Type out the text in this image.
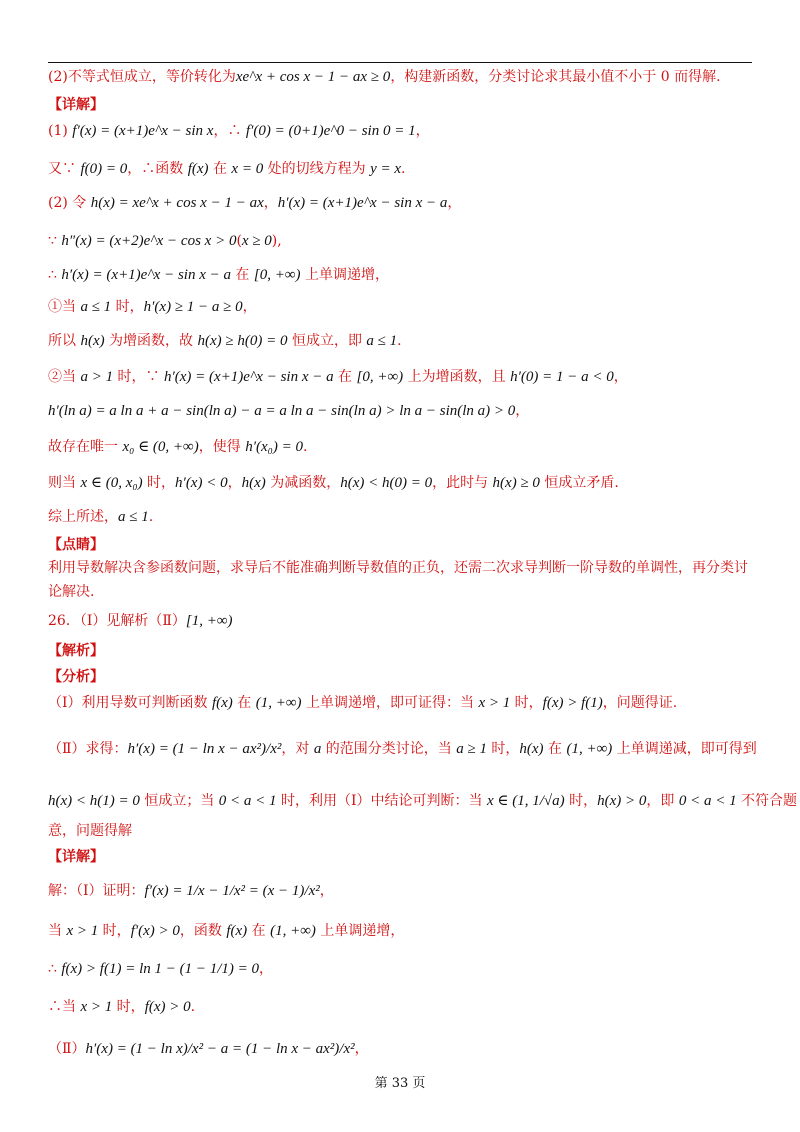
(2)不等式恒成立，等价转化为xe^x + cos x − 1 − ax ≥ 0，构建新函数，分类讨论求其最小值不小于 0 而得解.
【详解】
(1) f′(x) = (x+1)e^x − sin x，∴ f′(0) = (0+1)e^0 − sin 0 = 1，
又∵ f(0) = 0，∴函数 f(x) 在 x = 0 处的切线方程为 y = x.
(2) 令 h(x) = xe^x + cos x − 1 − ax，h′(x) = (x+1)e^x − sin x − a，
∵ h″(x) = (x+2)e^x − cos x > 0(x ≥ 0),
∴ h′(x) = (x+1)e^x − sin x − a 在 [0, +∞) 上单调递增，
①当 a ≤ 1 时，h′(x) ≥ 1 − a ≥ 0，
所以 h(x) 为增函数，故 h(x) ≥ h(0) = 0 恒成立，即 a ≤ 1.
②当 a > 1 时，∵ h′(x) = (x+1)e^x − sin x − a 在 [0, +∞) 上为增函数，且 h′(0) = 1 − a < 0，
h′(ln a) = a ln a + a − sin(ln a) − a = a ln a − sin(ln a) > ln a − sin(ln a) > 0，
故存在唯一 x₀ ∈ (0, +∞)，使得 h′(x₀) = 0.
则当 x ∈ (0, x₀) 时，h′(x) < 0，h(x) 为减函数，h(x) < h(0) = 0，此时与 h(x) ≥ 0 恒成立矛盾.
综上所述，a ≤ 1.
【点睛】
利用导数解决含参函数问题，求导后不能准确判断导数值的正负，还需二次求导判断一阶导数的单调性，再分类讨论解决.
26．（Ⅰ）见解析（Ⅱ）[1, +∞)
【解析】
【分析】
（Ⅰ）利用导数可判断函数 f(x) 在 (1, +∞) 上单调递增，即可证得：当 x > 1 时，f(x) > f(1)，问题得证.
（Ⅱ）求得：h′(x) = (1 − ln x − ax²)/x²，对 a 的范围分类讨论，当 a ≥ 1 时，h(x) 在 (1, +∞) 上单调递减，即可得到
h(x) < h(1) = 0 恒成立；当 0 < a < 1 时，利用（Ⅰ）中结论可判断：当 x ∈ (1, 1/√a) 时，h(x) > 0，即 0 < a < 1 不符合题
意，问题得解
【详解】
解：（Ⅰ）证明：f′(x) = 1/x − 1/x² = (x − 1)/x²，
当 x > 1 时，f′(x) > 0，函数 f(x) 在 (1, +∞) 上单调递增，
∴ f(x) > f(1) = ln 1 − (1 − 1/1) = 0，
∴当 x > 1 时，f(x) > 0.
（Ⅱ）h′(x) = (1 − ln x)/x² − a = (1 − ln x − ax²)/x²，
第 33 页
